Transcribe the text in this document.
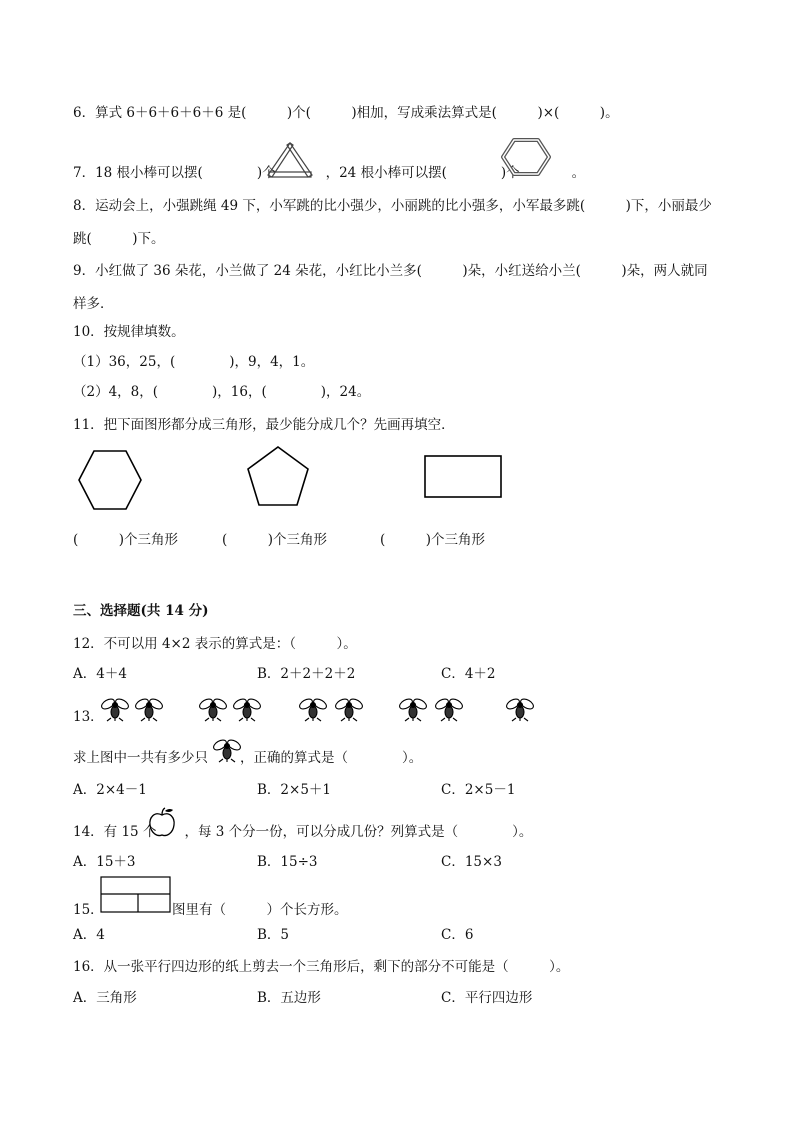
6．算式 6＋6＋6＋6＋6 是(　　　)个(　　　)相加，写成乘法算式是(　　　)×(　　　)。
7．18 根小棒可以摆(　　　　)个	，24 根小棒可以摆(　　　　)个	。
8．运动会上，小强跳绳 49 下，小军跳的比小强少，小丽跳的比小强多，小军最多跳(　　　)下，小丽最少
跳(　　　)下。
9．小红做了 36 朵花，小兰做了 24 朵花，小红比小兰多(　　　)朵，小红送给小兰(　　　)朵，两人就同
样多．
10．按规律填数。
（1）36，25，(　　　　)，9，4，1。
（2）4，8，(　　　　)，16，(　　　　)，24。
11．把下面图形都分成三角形，最少能分成几个？先画再填空．
(　　　)个三角形	(　　　)个三角形	(　　　)个三角形
三、选择题(共 14 分)
12．不可以用 4×2 表示的算式是：（　　　）。
A．4＋4	B．2＋2＋2＋2	C．4＋2
13．
求上图中一共有多少只 ，正确的算式是（　　　　）。
A．2×4－1	B．2×5＋1	C．2×5－1
14．有 15 个 ，每 3 个分一份，可以分成几份？列算式是（　　　　）。
A．15＋3	B．15÷3	C．15×3
15．	图里有（　　　）个长方形。
A．4	B．5	C．6
16．从一张平行四边形的纸上剪去一个三角形后，剩下的部分不可能是（　　　）。
A．三角形	B．五边形	C．平行四边形
